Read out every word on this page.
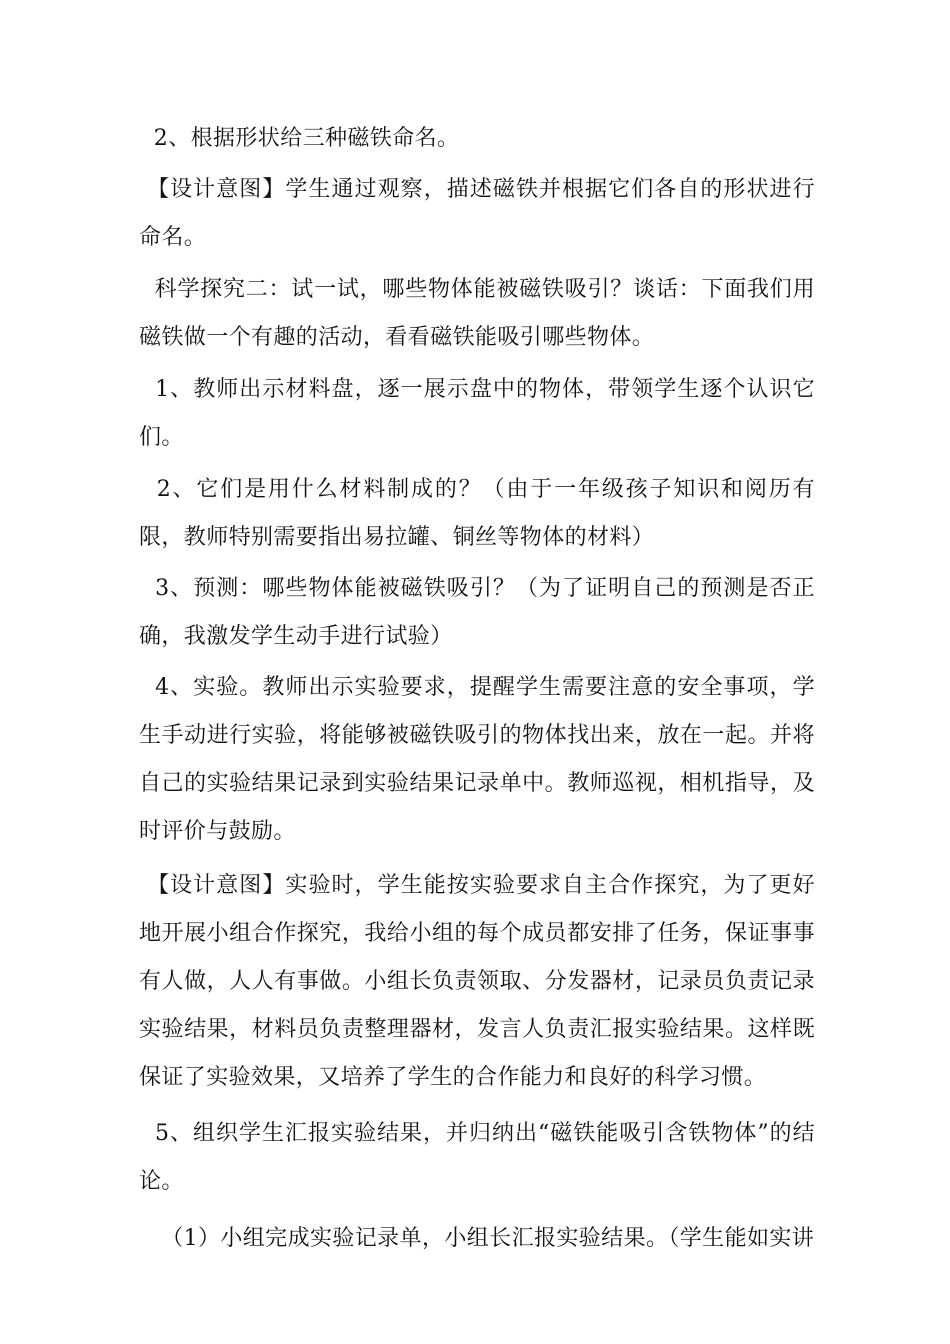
2、根据形状给三种磁铁命名。

【设计意图】学生通过观察，描述磁铁并根据它们各自的形状进行命名。

科学探究二：试一试，哪些物体能被磁铁吸引？谈话：下面我们用磁铁做一个有趣的活动，看看磁铁能吸引哪些物体。

1、教师出示材料盘，逐一展示盘中的物体，带领学生逐个认识它们。

2、它们是用什么材料制成的？（由于一年级孩子知识和阅历有限，教师特别需要指出易拉罐、铜丝等物体的材料）

3、预测：哪些物体能被磁铁吸引？（为了证明自己的预测是否正确，我激发学生动手进行试验）

4、实验。教师出示实验要求，提醒学生需要注意的安全事项，学生手动进行实验，将能够被磁铁吸引的物体找出来，放在一起。并将自己的实验结果记录到实验结果记录单中。教师巡视，相机指导，及时评价与鼓励。

【设计意图】实验时，学生能按实验要求自主合作探究，为了更好地开展小组合作探究，我给小组的每个成员都安排了任务，保证事事有人做，人人有事做。小组长负责领取、分发器材，记录员负责记录实验结果，材料员负责整理器材，发言人负责汇报实验结果。这样既保证了实验效果，又培养了学生的合作能力和良好的科学习惯。

5、组织学生汇报实验结果，并归纳出“磁铁能吸引含铁物体”的结论。

（1）小组完成实验记录单，小组长汇报实验结果。（学生能如实讲
